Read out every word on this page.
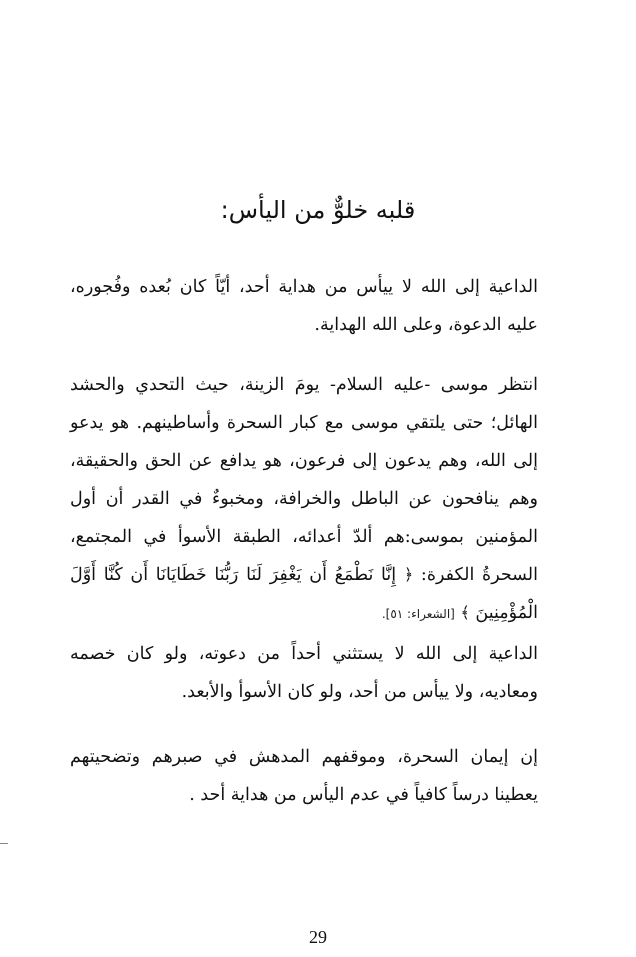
قلبه خلوٌّ من اليأس:

الداعية إلى الله لا ييأس من هداية أحد، أيّاً كان بُعده وفُجوره، عليه الدعوة، وعلى الله الهداية.

انتظر موسى -عليه السلام- يومَ الزينة، حيث التحدي والحشد الهائل؛ حتى يلتقي موسى مع كبار السحرة وأساطينهم. هو يدعو إلى الله، وهم يدعون إلى فرعون، هو يدافع عن الحق والحقيقة، وهم ينافحون عن الباطل والخرافة، ومخبوءٌ في القدر أن أول المؤمنين بموسى:هم ألدّ أعدائه، الطبقة الأسوأ في المجتمع، السحرةُ الكفرة: ﴿ إِنَّا نَطْمَعُ أَن يَغْفِرَ لَنَا رَبُّنَا خَطَايَانَا أَن كُنَّا أَوَّلَ الْمُؤْمِنِينَ ﴾ [الشعراء: ٥١].

الداعية إلى الله لا يستثني أحداً من دعوته، ولو كان خصمه ومعاديه، ولا ييأس من أحد، ولو كان الأسوأ والأبعد.

إن إيمان السحرة، وموقفهم المدهش في صبرهم وتضحيتهم يعطينا درساً كافياً في عدم اليأس من هداية أحد .

29
